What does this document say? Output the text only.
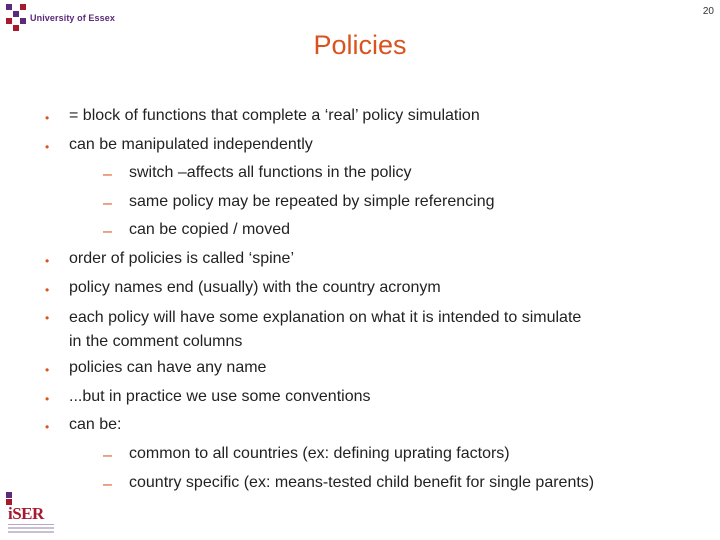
University of Essex
20
Policies
•	= block of functions that complete a ‘real’ policy simulation
•	can be manipulated independently
–	switch –affects all functions in the policy
–	same policy may be repeated by simple referencing
–	can be copied / moved
•	order of policies is called ‘spine’
•	policy names end (usually) with the country acronym
•	each policy will have some explanation on what it is intended to simulate
in the comment columns
•	policies can have any name
•	...but in practice we use some conventions
•	can be:
–	common to all countries (ex: defining uprating factors)
–	country specific (ex: means-tested child benefit for single parents)
iSER
